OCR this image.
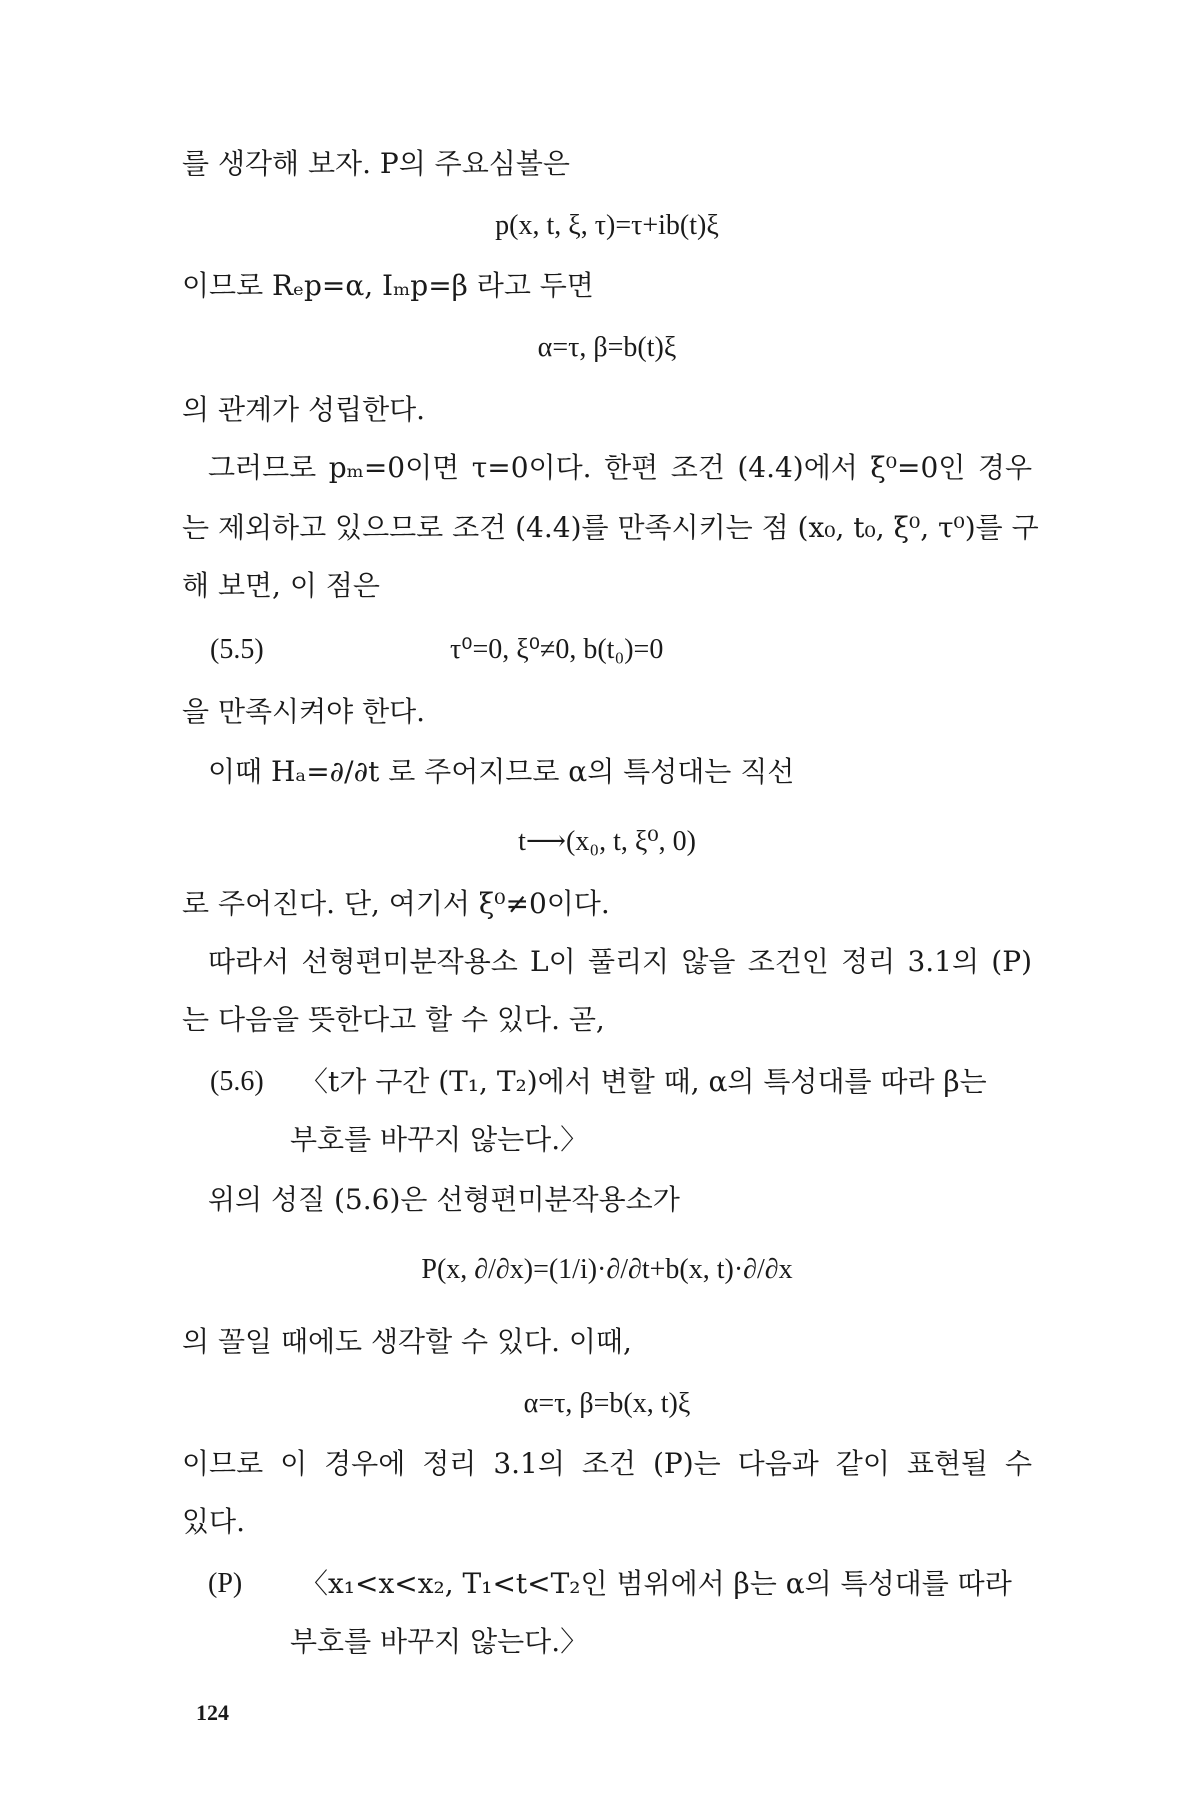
를 생각해 보자. P의 주요심볼은
p(x, t, ξ, τ)=τ+ib(t)ξ
이므로 Rₑp=α, Iₘp=β 라고 두면
α=τ, β=b(t)ξ
의 관계가 성립한다.
그러므로 pₘ=0이면 τ=0이다. 한편 조건 (4.4)에서 ξ⁰=0인 경우
는 제외하고 있으므로 조건 (4.4)를 만족시키는 점 (x₀, t₀, ξ⁰, τ⁰)를 구
해 보면, 이 점은
(5.5)	τ⁰=0, ξ⁰≠0, b(t₀)=0
을 만족시켜야 한다.
이때 Hₐ=∂/∂t 로 주어지므로 α의 특성대는 직선
t⟶(x₀, t, ξ⁰, 0)
로 주어진다. 단, 여기서 ξ⁰≠0이다.
따라서 선형편미분작용소 L이 풀리지 않을 조건인 정리 3.1의 (P)
는 다음을 뜻한다고 할 수 있다. 곧,
(5.6) 〈t가 구간 (T₁, T₂)에서 변할 때, α의 특성대를 따라 β는
부호를 바꾸지 않는다.〉
위의 성질 (5.6)은 선형편미분작용소가
P(x, ∂/∂x)=(1/i)·∂/∂t+b(x, t)·∂/∂x
의 꼴일 때에도 생각할 수 있다. 이때,
α=τ, β=b(x, t)ξ
이므로 이 경우에 정리 3.1의 조건 (P)는 다음과 같이 표현될 수
있다.
(P) 〈x₁<x<x₂, T₁<t<T₂인 범위에서 β는 α의 특성대를 따라
부호를 바꾸지 않는다.〉
124
